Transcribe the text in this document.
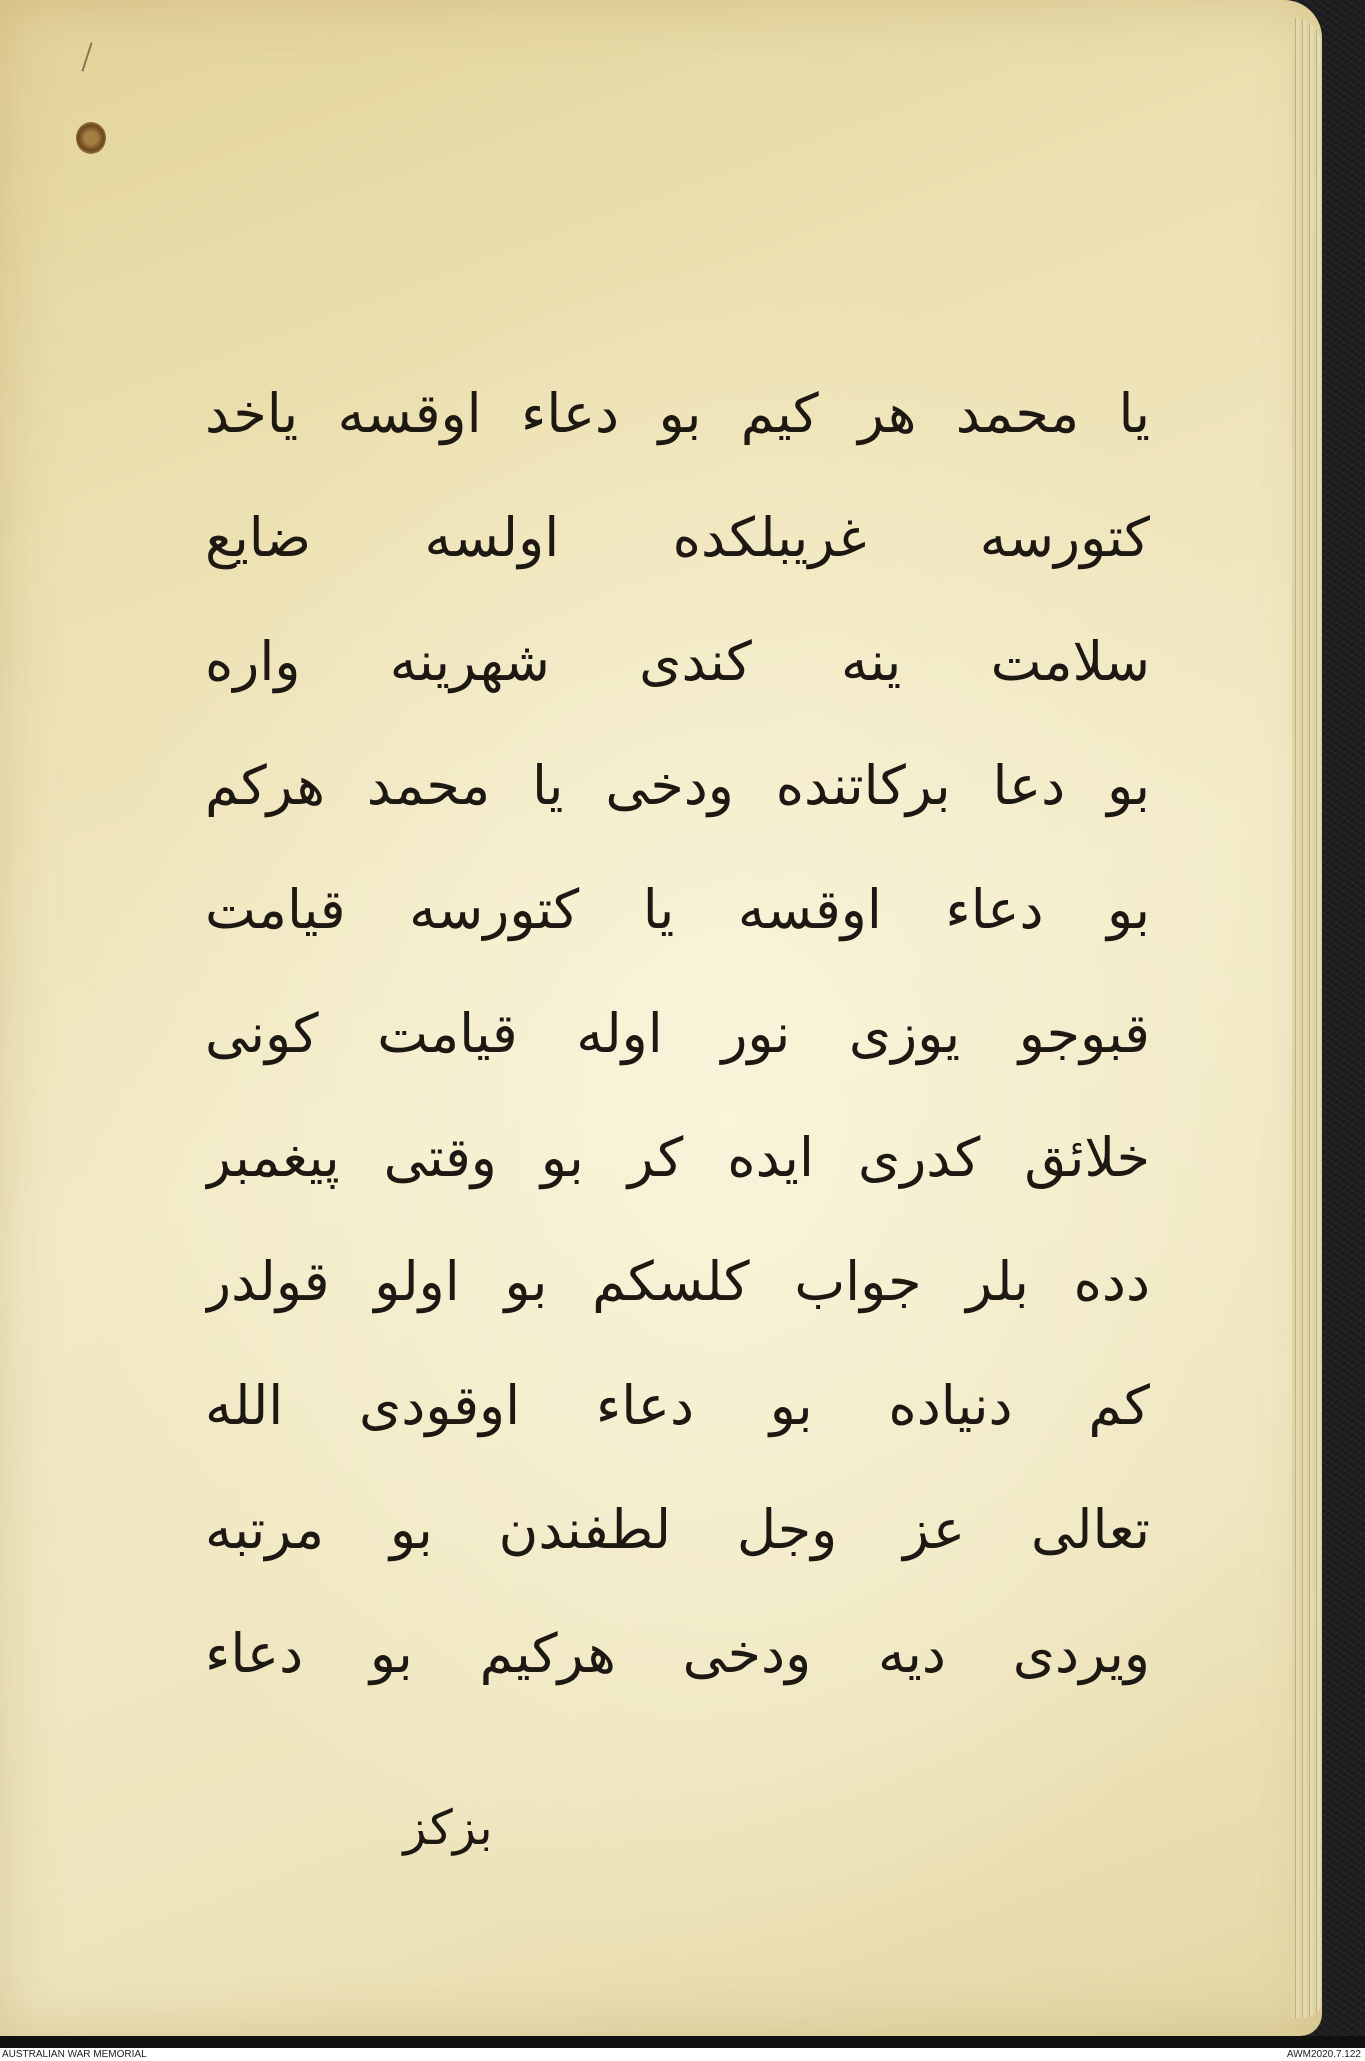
یا محمد هر کیم بو دعاء اوقسه یاخد
کتورسه غریبلکده اولسه ضایع
سلامت ینه کندی شهرینه واره
بو دعا برکاتنده ودخی یا محمد هرکم
بو دعاء اوقسه یا کتورسه قیامت
قبوجو یوزی نور اوله قیامت کونی
خلائق کدری ایده کر بو وقتی پیغمبر
دده بلر جواب کلسکم بو اولو قولدر
کم دنیاده بو دعاء اوقودی الله
تعالی عز وجل لطفندن بو مرتبه
ویردی دیه ودخی هرکیم بو دعاء
بزکز
AUSTRALIAN WAR MEMORIAL	AWM2020.7.122
